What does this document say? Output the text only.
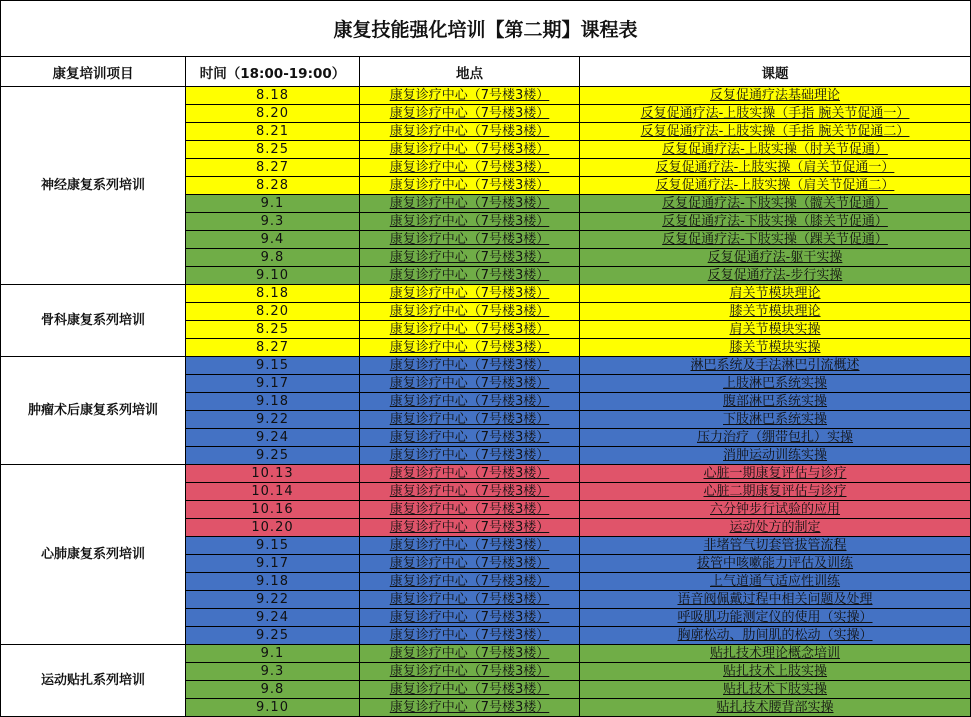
康复技能强化培训【第二期】课程表			
康复培训项目	时间（18:00-19:00）	地点	课题
神经康复系列培训	8.18	康复诊疗中心（7号楼3楼）	反复促通疗法基础理论
	8.20	康复诊疗中心（7号楼3楼）	反复促通疗法-上肢实操（手指 腕关节促通一）
	8.21	康复诊疗中心（7号楼3楼）	反复促通疗法-上肢实操（手指 腕关节促通二）
	8.25	康复诊疗中心（7号楼3楼）	反复促通疗法-上肢实操（肘关节促通）
	8.27	康复诊疗中心（7号楼3楼）	反复促通疗法-上肢实操（肩关节促通一）
	8.28	康复诊疗中心（7号楼3楼）	反复促通疗法-上肢实操（肩关节促通二）
	9.1	康复诊疗中心（7号楼3楼）	反复促通疗法-下肢实操（髋关节促通）
	9.3	康复诊疗中心（7号楼3楼）	反复促通疗法-下肢实操（膝关节促通）
	9.4	康复诊疗中心（7号楼3楼）	反复促通疗法-下肢实操（踝关节促通）
	9.8	康复诊疗中心（7号楼3楼）	反复促通疗法-躯干实操
	9.10	康复诊疗中心（7号楼3楼）	反复促通疗法-步行实操
骨科康复系列培训	8.18	康复诊疗中心（7号楼3楼）	肩关节模块理论
	8.20	康复诊疗中心（7号楼3楼）	膝关节模块理论
	8.25	康复诊疗中心（7号楼3楼）	肩关节模块实操
	8.27	康复诊疗中心（7号楼3楼）	膝关节模块实操
肿瘤术后康复系列培训	9.15	康复诊疗中心（7号楼3楼）	淋巴系统及手法淋巴引流概述
	9.17	康复诊疗中心（7号楼3楼）	上肢淋巴系统实操
	9.18	康复诊疗中心（7号楼3楼）	腹部淋巴系统实操
	9.22	康复诊疗中心（7号楼3楼）	下肢淋巴系统实操
	9.24	康复诊疗中心（7号楼3楼）	压力治疗（绷带包扎）实操
	9.25	康复诊疗中心（7号楼3楼）	消肿运动训练实操
心肺康复系列培训	10.13	康复诊疗中心（7号楼3楼）	心脏一期康复评估与诊疗
	10.14	康复诊疗中心（7号楼3楼）	心脏二期康复评估与诊疗
	10.16	康复诊疗中心（7号楼3楼）	六分钟步行试验的应用
	10.20	康复诊疗中心（7号楼3楼）	运动处方的制定
	9.15	康复诊疗中心（7号楼3楼）	非堵管气切套管拔管流程
	9.17	康复诊疗中心（7号楼3楼）	拔管中咳嗽能力评估及训练
	9.18	康复诊疗中心（7号楼3楼）	上气道通气适应性训练
	9.22	康复诊疗中心（7号楼3楼）	语音阀佩戴过程中相关问题及处理
	9.24	康复诊疗中心（7号楼3楼）	呼吸肌功能测定仪的使用（实操）
	9.25	康复诊疗中心（7号楼3楼）	胸廓松动、肋间肌的松动（实操）
运动贴扎系列培训	9.1	康复诊疗中心（7号楼3楼）	贴扎技术理论概念培训
	9.3	康复诊疗中心（7号楼3楼）	贴扎技术上肢实操
	9.8	康复诊疗中心（7号楼3楼）	贴扎技术下肢实操
	9.10	康复诊疗中心（7号楼3楼）	贴扎技术腰背部实操
